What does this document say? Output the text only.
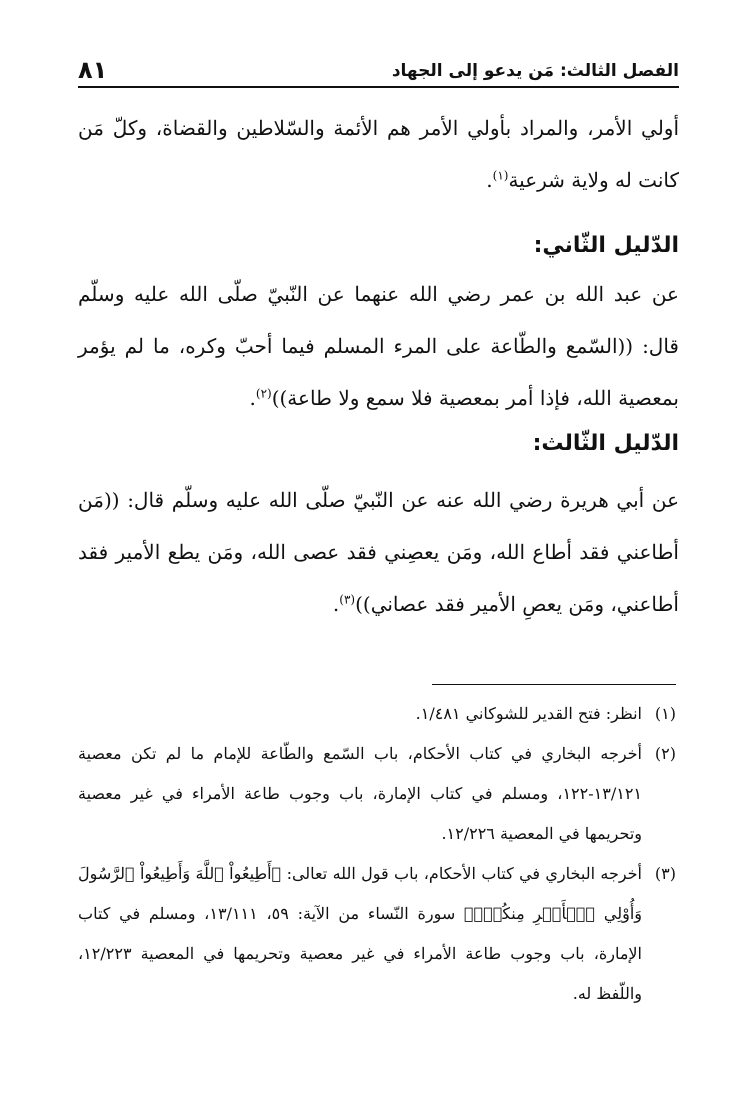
الفصل الثالث: مَن يدعو إلى الجهاد
٨١

أولي الأمر، والمراد بأولي الأمر هم الأئمة والسّلاطين والقضاة، وكلّ مَن كانت له ولاية شرعية$^{(١)}$.

الدّليل الثّاني:

عن عبد الله بن عمر رضي الله عنهما عن النّبيّ صلّى الله عليه وسلّم قال: ((السّمع والطّاعة على المرء المسلم فيما أحبّ وكره، ما لم يؤمر بمعصية الله، فإذا أمر بمعصية فلا سمع ولا طاعة))$^{(٢)}$.

الدّليل الثّالث:

عن أبي هريرة رضي الله عنه عن النّبيّ صلّى الله عليه وسلّم قال: ((مَن أطاعني فقد أطاع الله، ومَن يعصِني فقد عصى الله، ومَن يطع الأمير فقد أطاعني، ومَن يعصِ الأمير فقد عصاني))$^{(٣)}$.

(١)
انظر: فتح القدير للشوكاني ١/٤٨١.
(٢)
أخرجه البخاري في كتاب الأحكام، باب السّمع والطّاعة للإمام ما لم تكن معصية ١٣/١٢١-١٢٢، ومسلم في كتاب الإمارة، باب وجوب طاعة الأمراء في غير معصية وتحريمها في المعصية ١٢/٢٢٦.
(٣)
أخرجه البخاري في كتاب الأحكام، باب قول الله تعالى: ﴿أَطِيعُواْ ٱللَّهَ وَأَطِيعُواْ ٱلرَّسُولَ وَأُوْلِي ٱلۡأَمۡرِ مِنكُمۡۖ﴾ سورة النّساء من الآية: ٥٩، ١٣/١١١، ومسلم في كتاب الإمارة، باب وجوب طاعة الأمراء في غير معصية وتحريمها في المعصية ١٢/٢٢٣، واللّفظ له.
